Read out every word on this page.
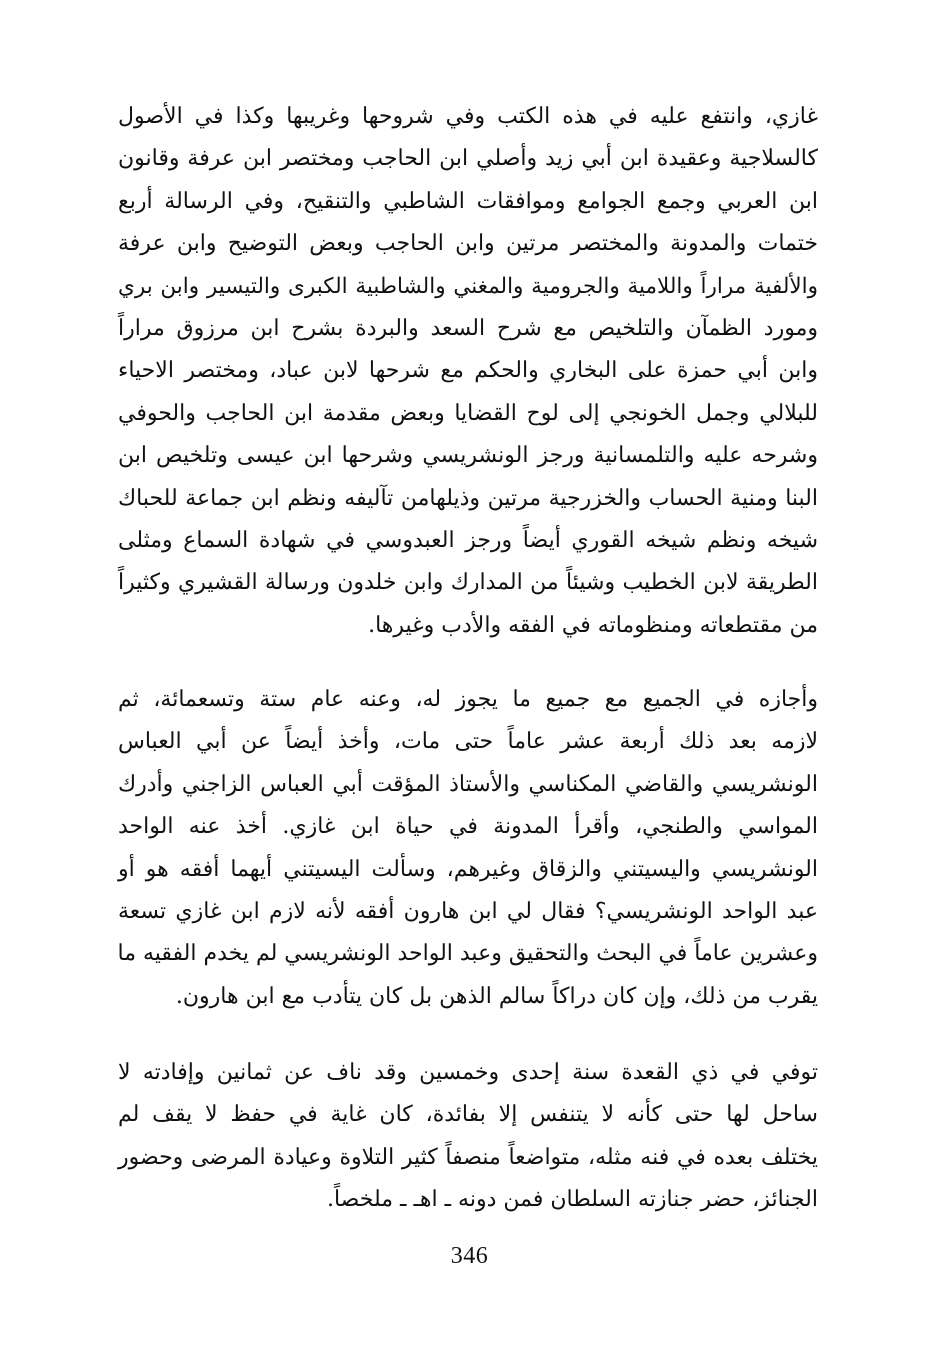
غازي، وانتفع عليه في هذه الكتب وفي شروحها وغريبها وكذا في الأصول
كالسلاجية وعقيدة ابن أبي زيد وأصلي ابن الحاجب ومختصر ابن عرفة وقانون
ابن العربي وجمع الجوامع وموافقات الشاطبي والتنقيح، وفي الرسالة أربع
ختمات والمدونة والمختصر مرتين وابن الحاجب وبعض التوضيح وابن عرفة
والألفية مراراً واللامية والجرومية والمغني والشاطبية الكبرى والتيسير وابن بري
ومورد الظمآن والتلخيص مع شرح السعد والبردة بشرح ابن مرزوق مراراً
وابن أبي حمزة على البخاري والحكم مع شرحها لابن عباد، ومختصر الاحياء
للبلالي وجمل الخونجي إلى لوح القضايا وبعض مقدمة ابن الحاجب والحوفي
وشرحه عليه والتلمسانية ورجز الونشريسي وشرحها ابن عيسى وتلخيص ابن
البنا ومنية الحساب والخزرجية مرتين وذيلهامن تآليفه ونظم ابن جماعة للحباك
شيخه ونظم شيخه القوري أيضاً ورجز العبدوسي في شهادة السماع ومثلى
الطريقة لابن الخطيب وشيئاً من المدارك وابن خلدون ورسالة القشيري وكثيراً
من مقتطعاته ومنظوماته في الفقه والأدب وغيرها.
وأجازه في الجميع مع جميع ما يجوز له، وعنه عام ستة وتسعمائة، ثم
لازمه بعد ذلك أربعة عشر عاماً حتى مات، وأخذ أيضاً عن أبي العباس
الونشريسي والقاضي المكناسي والأستاذ المؤقت أبي العباس الزاجني وأدرك
المواسي والطنجي، وأقرأ المدونة في حياة ابن غازي. أخذ عنه الواحد
الونشريسي واليسيتني والزقاق وغيرهم، وسألت اليسيتني أيهما أفقه هو أو
عبد الواحد الونشريسي؟ فقال لي ابن هارون أفقه لأنه لازم ابن غازي تسعة
وعشرين عاماً في البحث والتحقيق وعبد الواحد الونشريسي لم يخدم الفقيه ما
يقرب من ذلك، وإن كان دراكاً سالم الذهن بل كان يتأدب مع ابن هارون.
توفي في ذي القعدة سنة إحدى وخمسين وقد ناف عن ثمانين وإفادته لا
ساحل لها حتى كأنه لا يتنفس إلا بفائدة، كان غاية في حفظ لا يقف لم
يختلف بعده في فنه مثله، متواضعاً منصفاً كثير التلاوة وعيادة المرضى وحضور
الجنائز، حضر جنازته السلطان فمن دونه ـ اهـ ـ ملخصاً.
346
